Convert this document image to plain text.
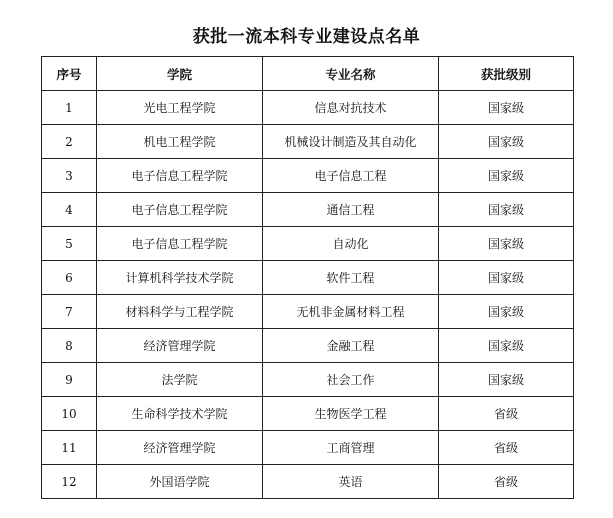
获批一流本科专业建设点名单
序号	学院	专业名称	获批级别
1	光电工程学院	信息对抗技术	国家级
2	机电工程学院	机械设计制造及其自动化	国家级
3	电子信息工程学院	电子信息工程	国家级
4	电子信息工程学院	通信工程	国家级
5	电子信息工程学院	自动化	国家级
6	计算机科学技术学院	软件工程	国家级
7	材料科学与工程学院	无机非金属材料工程	国家级
8	经济管理学院	金融工程	国家级
9	法学院	社会工作	国家级
10	生命科学技术学院	生物医学工程	省级
11	经济管理学院	工商管理	省级
12	外国语学院	英语	省级
